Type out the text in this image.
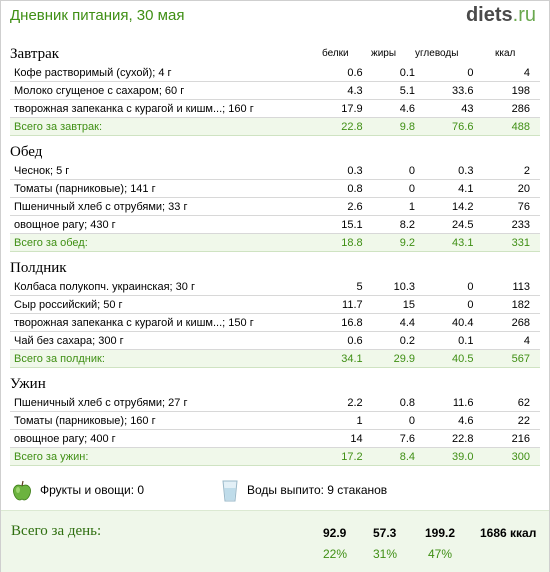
Дневник питания, 30 мая	diets.ru
белки жиры углеводы	ккал
Завтрак
Кофе растворимый (сухой); 4 г	0.6	0.1	0	4
Молоко сгущеное с сахаром; 60 г	4.3	5.1	33.6	198
творожная запеканка с курагой и кишм...; 160 г	17.9	4.6	43	286
Всего за завтрак:	22.8	9.8	76.6	488
Обед
Чеснок; 5 г	0.3	0	0.3	2
Томаты (парниковые); 141 г	0.8	0	4.1	20
Пшеничный хлеб с отрубями; 33 г	2.6	1	14.2	76
овощное рагу; 430 г	15.1	8.2	24.5	233
Всего за обед:	18.8	9.2	43.1	331
Полдник
Колбаса полукопч. украинская; 30 г	5	10.3	0	113
Сыр российский; 50 г	11.7	15	0	182
творожная запеканка с курагой и кишм...; 150 г	16.8	4.4	40.4	268
Чай без сахара; 300 г	0.6	0.2	0.1	4
Всего за полдник:	34.1	29.9	40.5	567
Ужин
Пшеничный хлеб с отрубями; 27 г	2.2	0.8	11.6	62
Томаты (парниковые); 160 г	1	0	4.6	22
овощное рагу; 400 г	14	7.6	22.8	216
Всего за ужин:	17.2	8.4	39.0	300
Фрукты и овощи: 0	Воды выпито: 9 стаканов
Всего за день:	92.9 57.3 199.2 1686 ккал
22% 31%	47%
